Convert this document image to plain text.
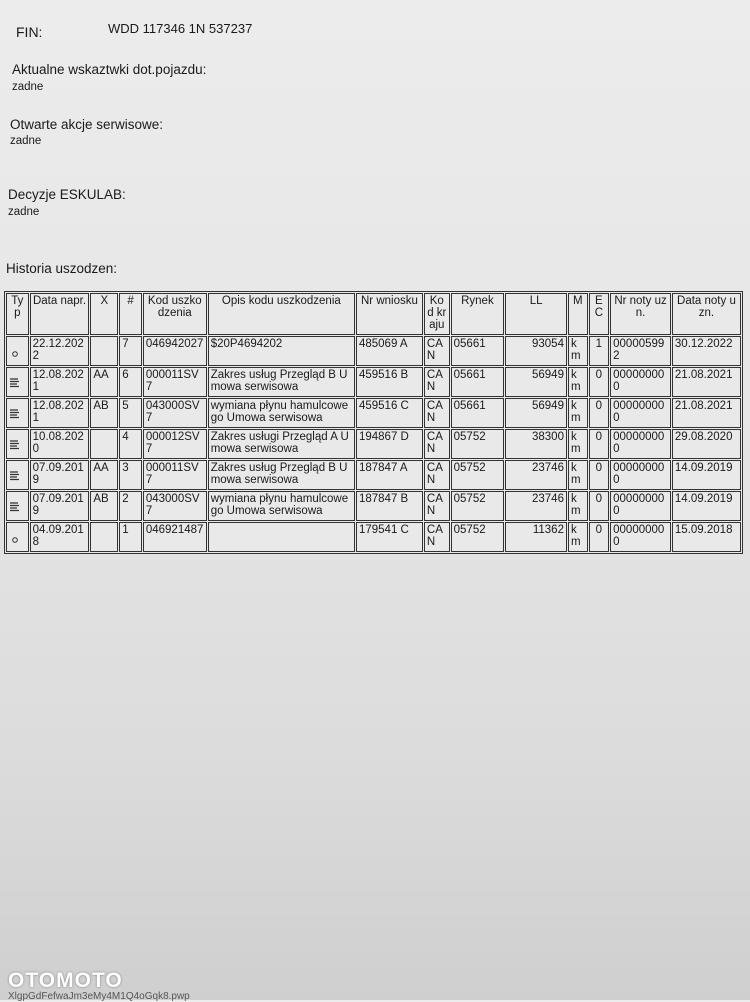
FIN:	WDD 117346 1N 537237
Aktualne wskaztwki dot.pojazdu:
zadne
Otwarte akcje serwisowe:
zadne
Decyzje ESKULAB:
zadne
Historia uszodzen:
Typ	Data napr.	X	#	Kod uszkodzenia	Opis kodu uszkodzenia	Nr wniosku	Kod kraju	Rynek	LL	M	EC	Nr noty uzn.	Data noty uzn.
	22.12.2022		7	046942027	$20P4694202	485069 A	CAN	05661	93054	km	1	000005992	30.12.2022
	12.08.2021	AA	6	000011SV7	Zakres usług Przegląd B Umowa serwisowa	459516 B	CAN	05661	56949	km	0	000000000	21.08.2021
	12.08.2021	AB	5	043000SV7	wymiana płynu hamulcowego Umowa serwisowa	459516 C	CAN	05661	56949	km	0	000000000	21.08.2021
	10.08.2020		4	000012SV7	Zakres usługi Przegląd A Umowa serwisowa	194867 D	CAN	05752	38300	km	0	000000000	29.08.2020
	07.09.2019	AA	3	000011SV7	Zakres usług Przegląd B Umowa serwisowa	187847 A	CAN	05752	23746	km	0	000000000	14.09.2019
	07.09.2019	AB	2	043000SV7	wymiana płynu hamulcowego Umowa serwisowa	187847 B	CAN	05752	23746	km	0	000000000	14.09.2019
	04.09.2018		1	046921487		179541 C	CAN	05752	11362	km	0	000000000	15.09.2018
OTOMOTO
XlgpGdFefwaJm3eMy4M1Q4oGqk8.pwp
